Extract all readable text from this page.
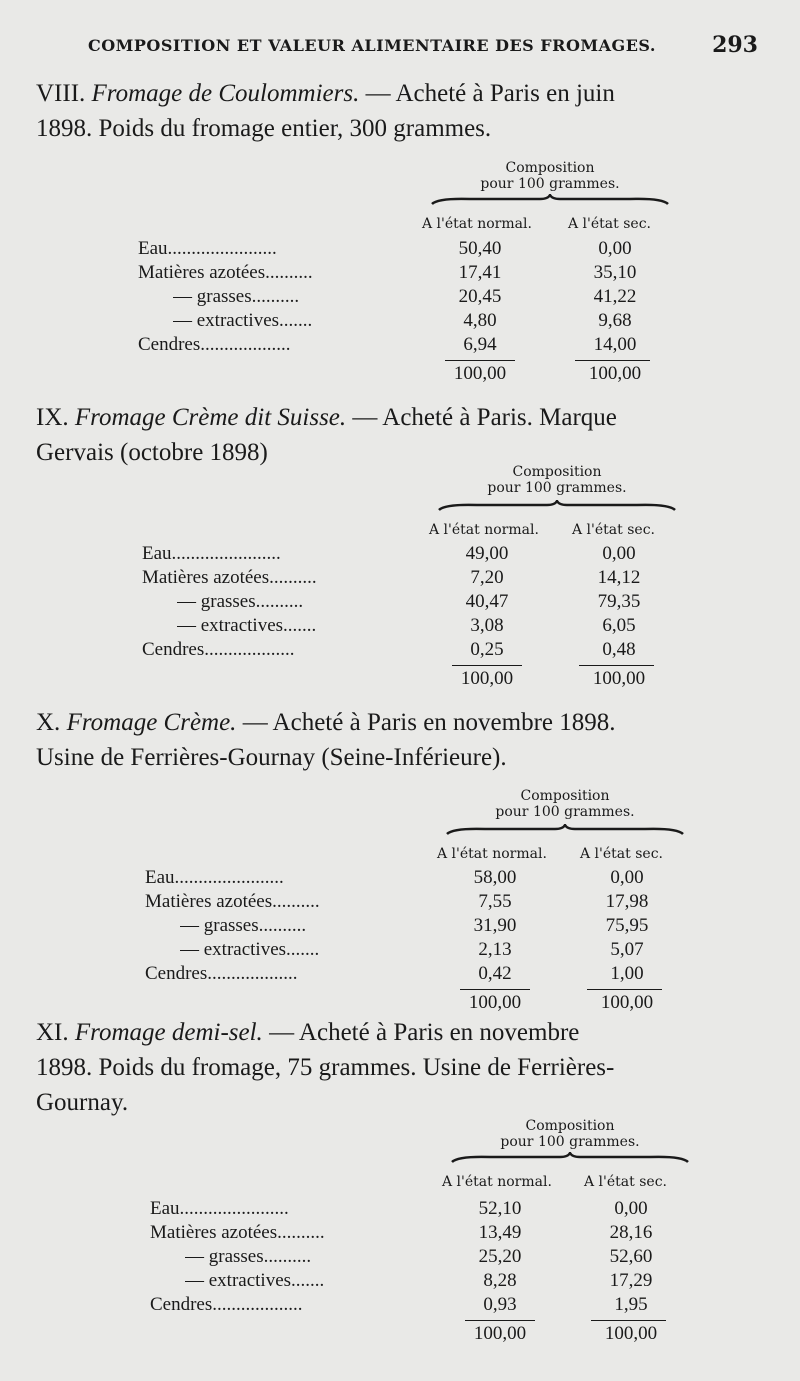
COMPOSITION ET VALEUR ALIMENTAIRE DES FROMAGES.	293
VIII. Fromage de Coulommiers. — Acheté à Paris en juin
1898. Poids du fromage entier, 300 grammes.
Composition
pour 100 grammes.
A l'état normal.	A l'état sec.
Eau.......................	50,40	0,00
Matières azotées..........	17,41	35,10
— grasses..........	20,45	41,22
— extractives.......	4,80	9,68
Cendres...................	6,94	14,00
100,00	100,00
IX. Fromage Crème dit Suisse. — Acheté à Paris. Marque
Gervais (octobre 1898)
Composition
pour 100 grammes.
A l'état normal. A l'état sec.
Eau.......................	49,00	0,00
Matières azotées..........	7,20	14,12
— grasses..........	40,47	79,35
— extractives.......	3,08	6,05
Cendres...................	0,25	0,48
100,00	100,00
X. Fromage Crème. — Acheté à Paris en novembre 1898.
Usine de Ferrières-Gournay (Seine-Inférieure).
Composition
pour 100 grammes.
A l'état normal. A l'état sec.
Eau.......................	58,00	0,00
Matières azotées..........	7,55	17,98
— grasses..........	31,90	75,95
— extractives.......	2,13	5,07
Cendres...................	0,42	1,00
100,00	100,00
XI. Fromage demi-sel. — Acheté à Paris en novembre
1898. Poids du fromage, 75 grammes. Usine de Ferrières-
Gournay.
Composition
pour 100 grammes.
A l'état normal. A l'état sec.
Eau.......................	52,10	0,00
Matières azotées..........	13,49	28,16
— grasses..........	25,20	52,60
— extractives.......	8,28	17,29
Cendres...................	0,93	1,95
100,00	100,00
